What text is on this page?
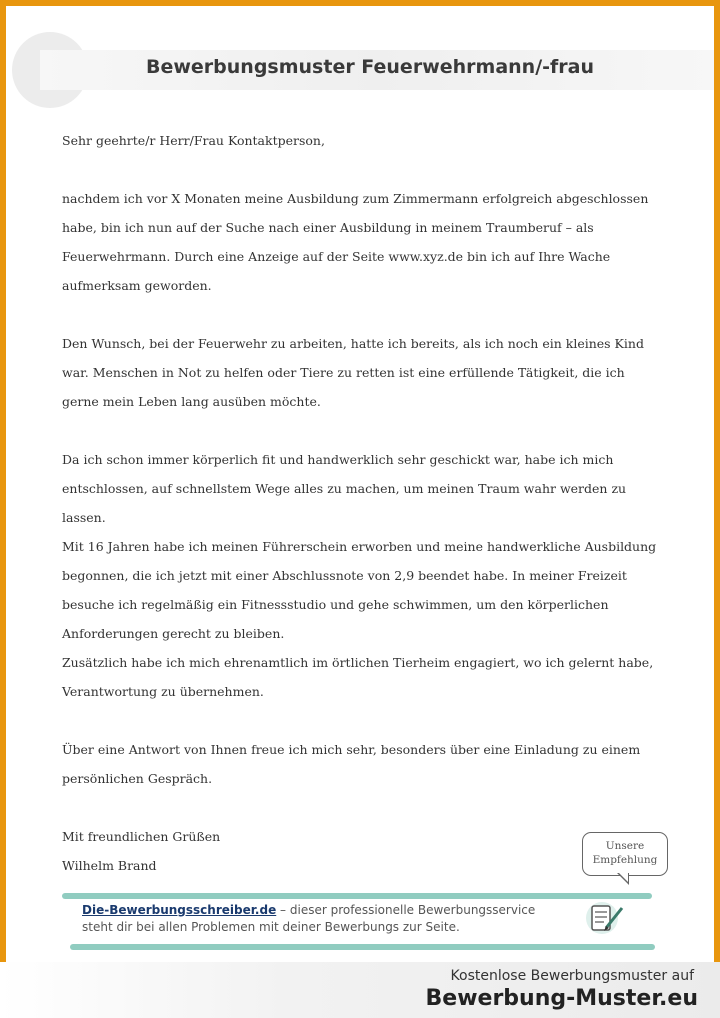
Bewerbungsmuster Feuerwehrmann/-frau

Sehr geehrte/r Herr/Frau Kontaktperson,

nachdem ich vor X Monaten meine Ausbildung zum Zimmermann erfolgreich abgeschlossen

habe, bin ich nun auf der Suche nach einer Ausbildung in meinem Traumberuf – als

Feuerwehrmann. Durch eine Anzeige auf der Seite www.xyz.de bin ich auf Ihre Wache

aufmerksam geworden.

Den Wunsch, bei der Feuerwehr zu arbeiten, hatte ich bereits, als ich noch ein kleines Kind

war. Menschen in Not zu helfen oder Tiere zu retten ist eine erfüllende Tätigkeit, die ich

gerne mein Leben lang ausüben möchte.

Da ich schon immer körperlich fit und handwerklich sehr geschickt war, habe ich mich

entschlossen, auf schnellstem Wege alles zu machen, um meinen Traum wahr werden zu

lassen.

Mit 16 Jahren habe ich meinen Führerschein erworben und meine handwerkliche Ausbildung

begonnen, die ich jetzt mit einer Abschlussnote von 2,9 beendet habe. In meiner Freizeit

besuche ich regelmäßig ein Fitnessstudio und gehe schwimmen, um den körperlichen

Anforderungen gerecht zu bleiben.

Zusätzlich habe ich mich ehrenamtlich im örtlichen Tierheim engagiert, wo ich gelernt habe,

Verantwortung zu übernehmen.

Über eine Antwort von Ihnen freue ich mich sehr, besonders über eine Einladung zu einem

persönlichen Gespräch.

Mit freundlichen Grüßen

Wilhelm Brand

Unsere
Empfehlung
Die-Bewerbungsschreiber.de – dieser professionelle Bewerbungsservice
steht dir bei allen Problemen mit deiner Bewerbungs zur Seite.
Kostenlose Bewerbungsmuster auf
Bewerbung-Muster.eu
